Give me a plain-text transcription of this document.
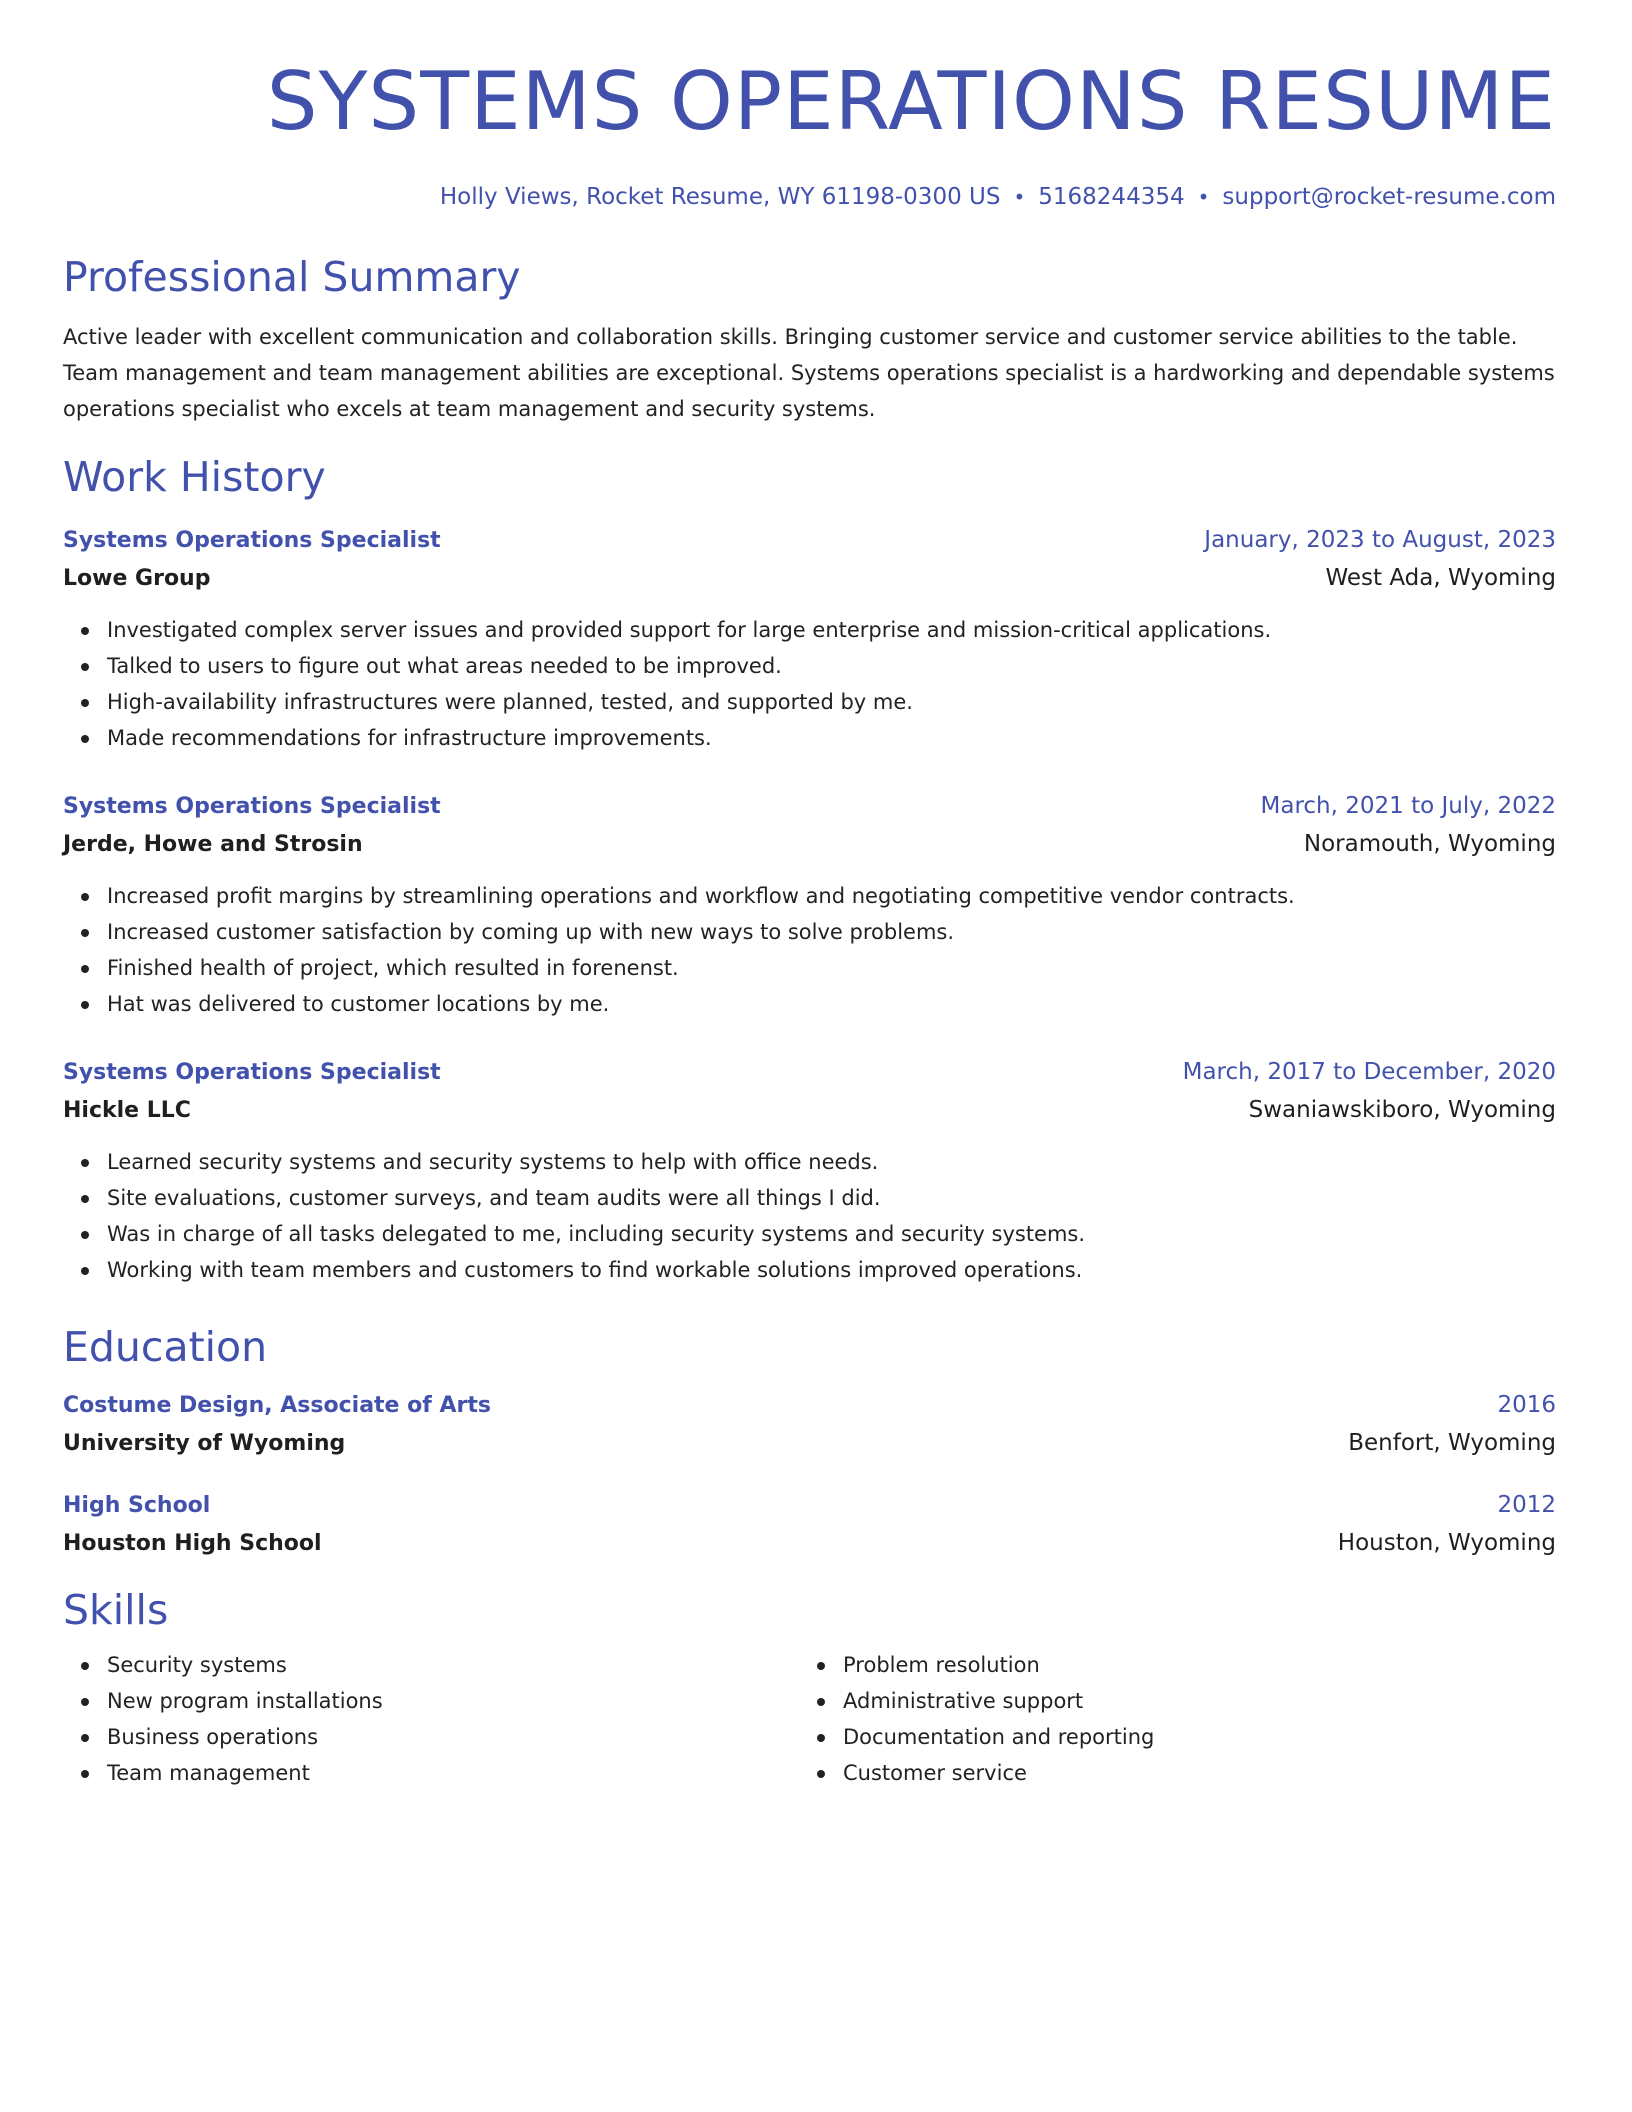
SYSTEMS OPERATIONS RESUME
Holly Views, Rocket Resume, WY 61198-0300 US • 5168244354 • support@rocket-resume.com
Professional Summary
Active leader with excellent communication and collaboration skills. Bringing customer service and customer service abilities to the table. Team management and team management abilities are exceptional. Systems operations specialist is a hardworking and dependable systems operations specialist who excels at team management and security systems.
Work History
Systems Operations Specialist	January, 2023 to August, 2023
Lowe Group	West Ada, Wyoming
Investigated complex server issues and provided support for large enterprise and mission-critical applications.
Talked to users to figure out what areas needed to be improved.
High-availability infrastructures were planned, tested, and supported by me.
Made recommendations for infrastructure improvements.
Systems Operations Specialist	March, 2021 to July, 2022
Jerde, Howe and Strosin	Noramouth, Wyoming
Increased profit margins by streamlining operations and workflow and negotiating competitive vendor contracts.
Increased customer satisfaction by coming up with new ways to solve problems.
Finished health of project, which resulted in forenenst.
Hat was delivered to customer locations by me.
Systems Operations Specialist	March, 2017 to December, 2020
Hickle LLC	Swaniawskiboro, Wyoming
Learned security systems and security systems to help with office needs.
Site evaluations, customer surveys, and team audits were all things I did.
Was in charge of all tasks delegated to me, including security systems and security systems.
Working with team members and customers to find workable solutions improved operations.
Education
Costume Design, Associate of Arts	2016
University of Wyoming	Benfort, Wyoming
High School	2012
Houston High School	Houston, Wyoming
Skills
Security systems
New program installations
Business operations
Team management
Problem resolution
Administrative support
Documentation and reporting
Customer service
